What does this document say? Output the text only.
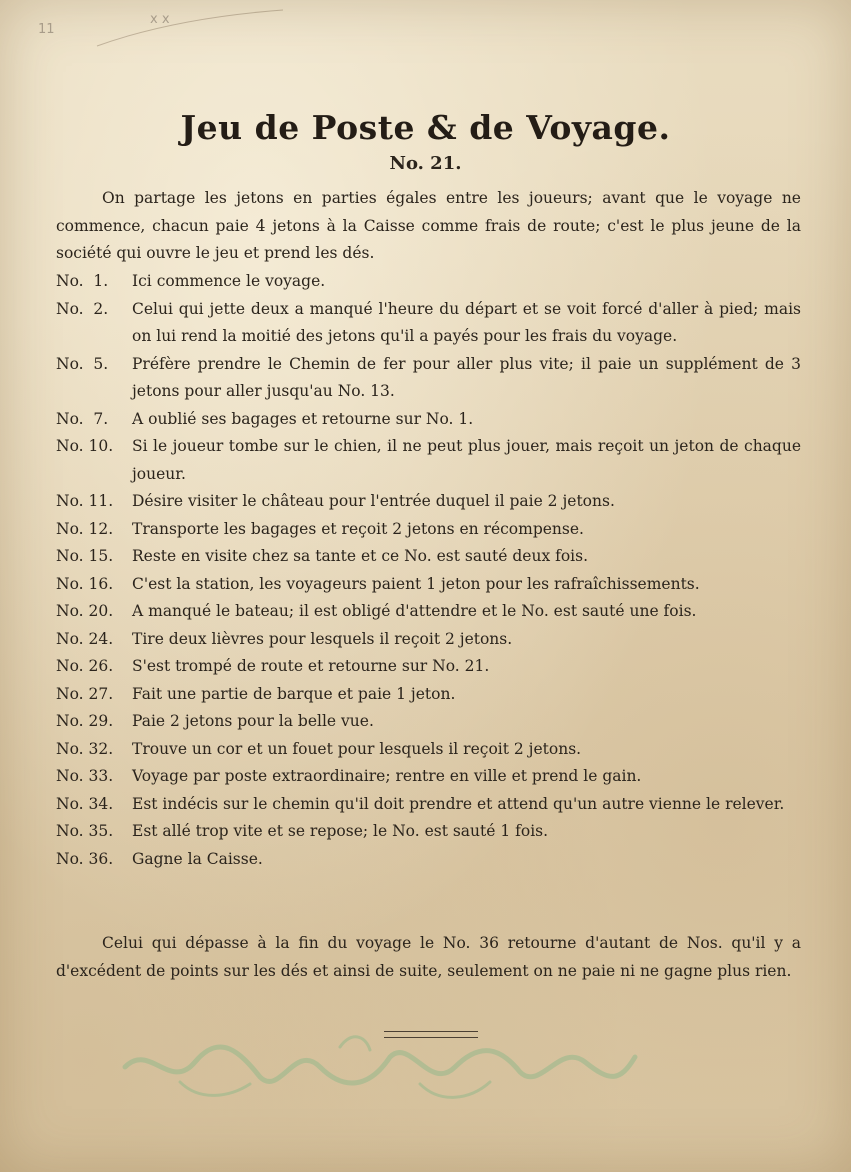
11
x x
Jeu de Poste & de Voyage.
No. 21.
On partage les jetons en parties égales entre les joueurs; avant que le voyage ne commence, chacun paie 4 jetons à la Caisse comme frais de route; c'est le plus jeune de la société qui ouvre le jeu et prend les dés.
No.  1.	Ici commence le voyage.
No.  2.	Celui qui jette deux a manqué l'heure du départ et se voit forcé d'aller à pied; mais on lui rend la moitié des jetons qu'il a payés pour les frais du voyage.
No.  5.	Préfère prendre le Chemin de fer pour aller plus vite; il paie un supplément de 3 jetons pour aller jusqu'au No. 13.
No.  7.	A oublié ses bagages et retourne sur No. 1.
No. 10.	Si le joueur tombe sur le chien, il ne peut plus jouer, mais reçoit un jeton de chaque joueur.
No. 11.	Désire visiter le château pour l'entrée duquel il paie 2 jetons.
No. 12.	Transporte les bagages et reçoit 2 jetons en récompense.
No. 15.	Reste en visite chez sa tante et ce No. est sauté deux fois.
No. 16.	C'est la station, les voyageurs paient 1 jeton pour les rafraîchissements.
No. 20.	A manqué le bateau; il est obligé d'attendre et le No. est sauté une fois.
No. 24.	Tire deux lièvres pour lesquels il reçoit 2 jetons.
No. 26.	S'est trompé de route et retourne sur No. 21.
No. 27.	Fait une partie de barque et paie 1 jeton.
No. 29.	Paie 2 jetons pour la belle vue.
No. 32.	Trouve un cor et un fouet pour lesquels il reçoit 2 jetons.
No. 33.	Voyage par poste extraordinaire; rentre en ville et prend le gain.
No. 34.	Est indécis sur le chemin qu'il doit prendre et attend qu'un autre vienne le relever.
No. 35.	Est allé trop vite et se repose; le No. est sauté 1 fois.
No. 36.	Gagne la Caisse.
Celui qui dépasse à la fin du voyage le No. 36 retourne d'autant de Nos. qu'il y a d'excédent de points sur les dés et ainsi de suite, seulement on ne paie ni ne gagne plus rien.
